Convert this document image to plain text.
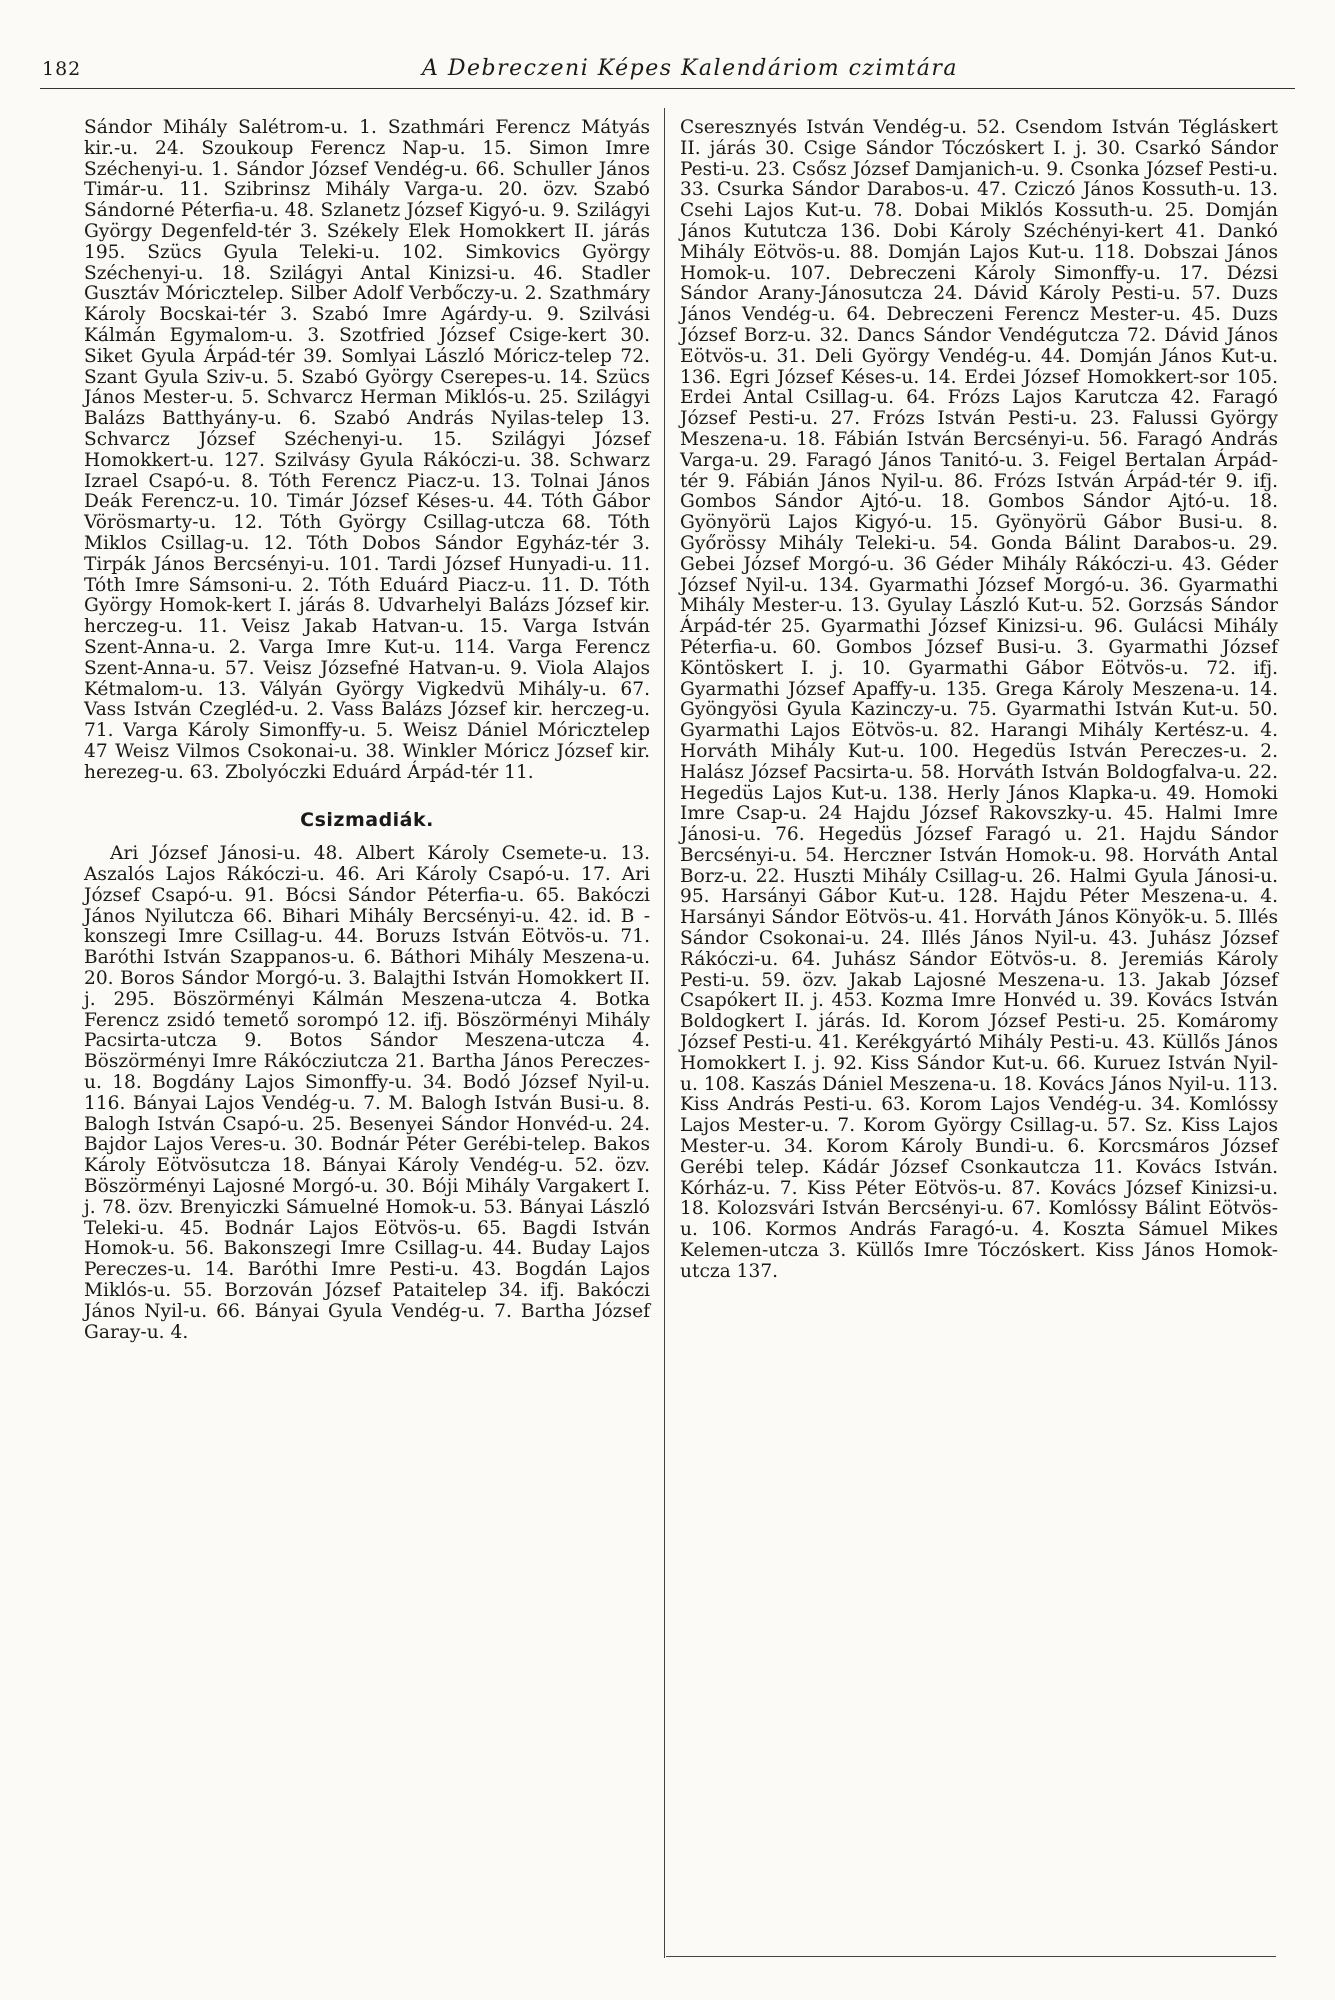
182	A Debreczeni Képes Kalendáriom czimtára

Sándor Mihály Salétrom-u. 1. Szathmári Ferencz Mátyás kir.-u. 24. Szoukoup Ferencz Nap-u. 15. Simon Imre Széchenyi-u. 1. Sándor József Vendég-u. 66. Schuller János Timár-u. 11. Szibrinsz Mihály Varga-u. 20. özv. Szabó Sándorné Péterfia-u. 48. Szlanetz József Kigyó-u. 9. Szilágyi György Degenfeld-tér 3. Székely Elek Homokkert II. járás 195. Szücs Gyula Teleki-u. 102. Simkovics György Széchenyi-u. 18. Szilágyi Antal Kinizsi-u. 46. Stadler Gusztáv Móricztelep. Silber Adolf Verbőczy-u. 2. Szathmáry Károly Bocskai-tér 3. Szabó Imre Agárdy-u. 9. Szilvási Kálmán Egymalom-u. 3. Szotfried József Csige-kert 30. Siket Gyula Árpád-tér 39. Somlyai László Móricz-telep 72. Szant Gyula Sziv-u. 5. Szabó György Cserepes-u. 14. Szücs János Mester-u. 5. Schvarcz Herman Miklós-u. 25. Szilágyi Balázs Batthyány-u. 6. Szabó András Nyilas-telep 13. Schvarcz József Széchenyi-u. 15. Szilágyi József Homokkert-u. 127. Szilvásy Gyula Rákóczi-u. 38. Schwarz Izrael Csapó-u. 8. Tóth Ferencz Piacz-u. 13. Tolnai János Deák Ferencz-u. 10. Timár József Késes-u. 44. Tóth Gábor Vörösmarty-u. 12. Tóth György Csillag-utcza 68. Tóth Miklos Csillag-u. 12. Tóth Dobos Sándor Egyház-tér 3. Tirpák János Bercsényi-u. 101. Tardi József Hunyadi-u. 11. Tóth Imre Sámsoni-u. 2. Tóth Eduárd Piacz-u. 11. D. Tóth György Homok-kert I. járás 8. Udvarhelyi Balázs József kir. herczeg-u. 11. Veisz Jakab Hatvan-u. 15. Varga István Szent-Anna-u. 2. Varga Imre Kut-u. 114. Varga Ferencz Szent-Anna-u. 57. Veisz Józsefné Hatvan-u. 9. Viola Alajos Kétmalom-u. 13. Vályán György Vigkedvü Mihály-u. 67. Vass István Czegléd-u. 2. Vass Balázs József kir. herczeg-u. 71. Varga Károly Simonffy-u. 5. Weisz Dániel Móricztelep 47 Weisz Vilmos Csokonai-u. 38. Winkler Móricz József kir. herezeg-u. 63. Zbolyóczki Eduárd Árpád-tér 11.

Csizmadiák.

Ari József Jánosi-u. 48. Albert Károly Csemete-u. 13. Aszalós Lajos Rákóczi-u. 46. Ari Károly Csapó-u. 17. Ari József Csapó-u. 91. Bócsi Sándor Péterfia-u. 65. Bakóczi János Nyilutcza 66. Bihari Mihály Bercsényi-u. 42. id. B - konszegi Imre Csillag-u. 44. Boruzs István Eötvös-u. 71. Baróthi István Szappanos-u. 6. Báthori Mihály Meszena-u. 20. Boros Sándor Morgó-u. 3. Balajthi István Homokkert II. j. 295. Böszörményi Kálmán Meszena-utcza 4. Botka Ferencz zsidó temető sorompó 12. ifj. Böszörményi Mihály Pacsirta-utcza 9. Botos Sándor Meszena-utcza 4. Böszörményi Imre Rákócziutcza 21. Bartha János Pereczes-u. 18. Bogdány Lajos Simonffy-u. 34. Bodó József Nyil-u. 116. Bányai Lajos Vendég-u. 7. M. Balogh István Busi-u. 8. Balogh István Csapó-u. 25. Besenyei Sándor Honvéd-u. 24. Bajdor Lajos Veres-u. 30. Bodnár Péter Gerébi-telep. Bakos Károly Eötvösutcza 18. Bányai Károly Vendég-u. 52. özv. Böszörményi Lajosné Morgó-u. 30. Bóji Mihály Vargakert I. j. 78. özv. Brenyiczki Sámuelné Homok-u. 53. Bányai László Teleki-u. 45. Bodnár Lajos Eötvös-u. 65. Bagdi István Homok-u. 56. Bakonszegi Imre Csillag-u. 44. Buday Lajos Pereczes-u. 14. Baróthi Imre Pesti-u. 43. Bogdán Lajos Miklós-u. 55. Borzován József Pataitelep 34. ifj. Bakóczi János Nyil-u. 66. Bányai Gyula Vendég-u. 7. Bartha József Garay-u. 4.

Cseresznyés István Vendég-u. 52. Csendom István Tégláskert II. járás 30. Csige Sándor Tóczóskert I. j. 30. Csarkó Sándor Pesti-u. 23. Csősz József Damjanich-u. 9. Csonka József Pesti-u. 33. Csurka Sándor Darabos-u. 47. Cziczó János Kossuth-u. 13. Csehi Lajos Kut-u. 78. Dobai Miklós Kossuth-u. 25. Domján János Kututcza 136. Dobi Károly Széchényi-kert 41. Dankó Mihály Eötvös-u. 88. Domján Lajos Kut-u. 118. Dobszai János Homok-u. 107. Debreczeni Károly Simonffy-u. 17. Dézsi Sándor Arany-Jánosutcza 24. Dávid Károly Pesti-u. 57. Duzs János Vendég-u. 64. Debreczeni Ferencz Mester-u. 45. Duzs József Borz-u. 32. Dancs Sándor Vendégutcza 72. Dávid János Eötvös-u. 31. Deli György Vendég-u. 44. Domján János Kut-u. 136. Egri József Késes-u. 14. Erdei József Homokkert-sor 105. Erdei Antal Csillag-u. 64. Frózs Lajos Karutcza 42. Faragó József Pesti-u. 27. Frózs István Pesti-u. 23. Falussi György Meszena-u. 18. Fábián István Bercsényi-u. 56. Faragó András Varga-u. 29. Faragó János Tanitó-u. 3. Feigel Bertalan Árpád-tér 9. Fábián János Nyil-u. 86. Frózs István Árpád-tér 9. ifj. Gombos Sándor Ajtó-u. 18. Gombos Sándor Ajtó-u. 18. Gyönyörü Lajos Kigyó-u. 15. Gyönyörü Gábor Busi-u. 8. Győrössy Mihály Teleki-u. 54. Gonda Bálint Darabos-u. 29. Gebei József Morgó-u. 36 Géder Mihály Rákóczi-u. 43. Géder József Nyil-u. 134. Gyarmathi József Morgó-u. 36. Gyarmathi Mihály Mester-u. 13. Gyulay László Kut-u. 52. Gorzsás Sándor Árpád-tér 25. Gyarmathi József Kinizsi-u. 96. Gulácsi Mihály Péterfia-u. 60. Gombos József Busi-u. 3. Gyarmathi József Köntöskert I. j. 10. Gyarmathi Gábor Eötvös-u. 72. ifj. Gyarmathi József Apaffy-u. 135. Grega Károly Meszena-u. 14. Gyöngyösi Gyula Kazinczy-u. 75. Gyarmathi István Kut-u. 50. Gyarmathi Lajos Eötvös-u. 82. Harangi Mihály Kertész-u. 4. Horváth Mihály Kut-u. 100. Hegedüs István Pereczes-u. 2. Halász József Pacsirta-u. 58. Horváth István Boldogfalva-u. 22. Hegedüs Lajos Kut-u. 138. Herly János Klapka-u. 49. Homoki Imre Csap-u. 24 Hajdu József Rakovszky-u. 45. Halmi Imre Jánosi-u. 76. Hegedüs József Faragó u. 21. Hajdu Sándor Bercsényi-u. 54. Herczner István Homok-u. 98. Horváth Antal Borz-u. 22. Huszti Mihály Csillag-u. 26. Halmi Gyula Jánosi-u. 95. Harsányi Gábor Kut-u. 128. Hajdu Péter Meszena-u. 4. Harsányi Sándor Eötvös-u. 41. Horváth János Könyök-u. 5. Illés Sándor Csokonai-u. 24. Illés János Nyil-u. 43. Juhász József Rákóczi-u. 64. Juhász Sándor Eötvös-u. 8. Jeremiás Károly Pesti-u. 59. özv. Jakab Lajosné Meszena-u. 13. Jakab József Csapókert II. j. 453. Kozma Imre Honvéd u. 39. Kovács István Boldogkert I. járás. Id. Korom József Pesti-u. 25. Komáromy József Pesti-u. 41. Kerékgyártó Mihály Pesti-u. 43. Küllős János Homokkert I. j. 92. Kiss Sándor Kut-u. 66. Kuruez István Nyil-u. 108. Kaszás Dániel Meszena-u. 18. Kovács János Nyil-u. 113. Kiss András Pesti-u. 63. Korom Lajos Vendég-u. 34. Komlóssy Lajos Mester-u. 7. Korom György Csillag-u. 57. Sz. Kiss Lajos Mester-u. 34. Korom Károly Bundi-u. 6. Korcsmáros József Gerébi telep. Kádár József Csonkautcza 11. Kovács István. Kórház-u. 7. Kiss Péter Eötvös-u. 87. Kovács József Kinizsi-u. 18. Kolozsvári István Bercsényi-u. 67. Komlóssy Bálint Eötvös-u. 106. Kormos András Faragó-u. 4. Koszta Sámuel Mikes Kelemen-utcza 3. Küllős Imre Tóczóskert. Kiss János Homok-utcza 137.
